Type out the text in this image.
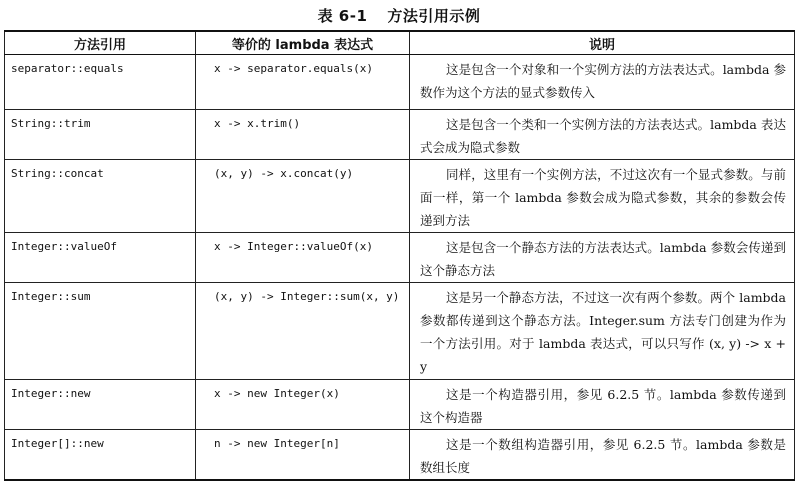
表 6-1 方法引用示例
方法引用	等价的 lambda 表达式	说明
separator::equals	x -> separator.equals(x)	这是包含一个对象和一个实例方法的方法表达式。lambda 参数作为这个方法的显式参数传入
String::trim	x -> x.trim()	这是包含一个类和一个实例方法的方法表达式。lambda 表达式会成为隐式参数
String::concat	(x, y) -> x.concat(y)	同样，这里有一个实例方法，不过这次有一个显式参数。与前面一样，第一个 lambda 参数会成为隐式参数，其余的参数会传递到方法
Integer::valueOf	x -> Integer::valueOf(x)	这是包含一个静态方法的方法表达式。lambda 参数会传递到这个静态方法
Integer::sum	(x, y) -> Integer::sum(x, y)	这是另一个静态方法，不过这一次有两个参数。两个 lambda 参数都传递到这个静态方法。Integer.sum 方法专门创建为作为一个方法引用。对于 lambda 表达式，可以只写作 (x, y) -> x + y
Integer::new	x -> new Integer(x)	这是一个构造器引用，参见 6.2.5 节。lambda 参数传递到这个构造器
Integer[]::new	n -> new Integer[n]	这是一个数组构造器引用，参见 6.2.5 节。lambda 参数是数组长度
